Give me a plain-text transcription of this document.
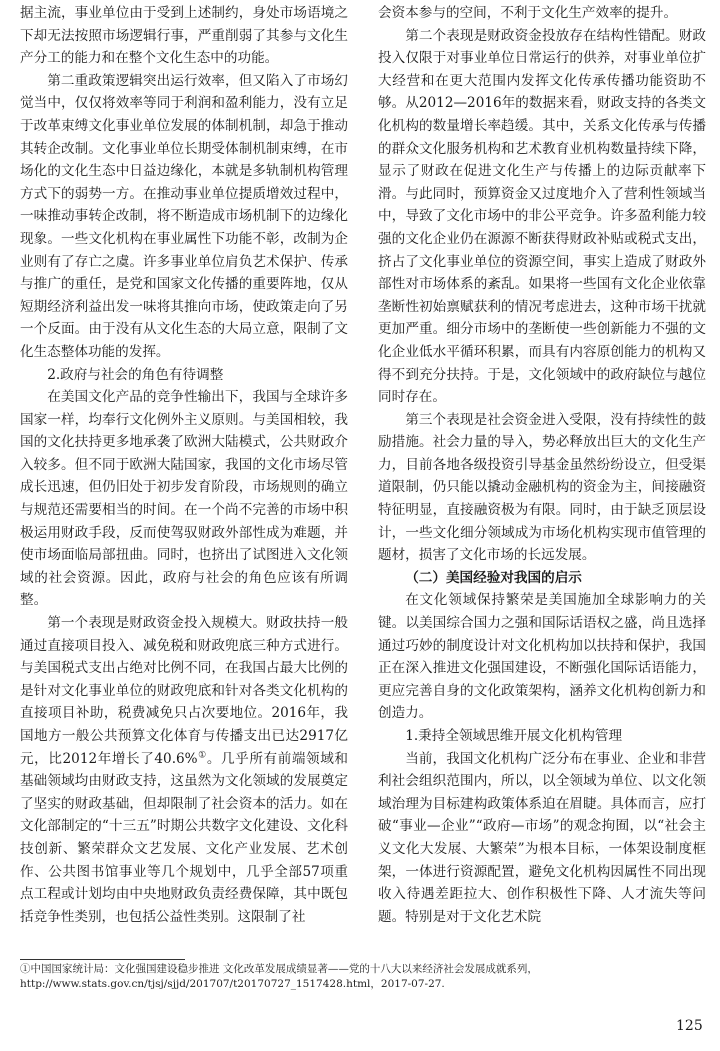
据主流，事业单位由于受到上述制约，身处市场语境之下却无法按照市场逻辑行事，严重削弱了其参与文化生产分工的能力和在整个文化生态中的功能。

第二重政策逻辑突出运行效率，但又陷入了市场幻觉当中，仅仅将效率等同于利润和盈利能力，没有立足于改革束缚文化事业单位发展的体制机制，却急于推动其转企改制。文化事业单位长期受体制机制束缚，在市场化的文化生态中日益边缘化，本就是多轨制机构管理方式下的弱势一方。在推动事业单位提质增效过程中，一味推动事转企改制，将不断造成市场机制下的边缘化现象。一些文化机构在事业属性下功能不彰，改制为企业则有了存亡之虞。许多事业单位肩负艺术保护、传承与推广的重任，是党和国家文化传播的重要阵地，仅从短期经济利益出发一味将其推向市场，使政策走向了另一个反面。由于没有从文化生态的大局立意，限制了文化生态整体功能的发挥。

2.政府与社会的角色有待调整

在美国文化产品的竞争性输出下，我国与全球许多国家一样，均奉行文化例外主义原则。与美国相较，我国的文化扶持更多地承袭了欧洲大陆模式，公共财政介入较多。但不同于欧洲大陆国家，我国的文化市场尽管成长迅速，但仍旧处于初步发育阶段，市场规则的确立与规范还需要相当的时间。在一个尚不完善的市场中积极运用财政手段，反而使驾驭财政外部性成为难题，并使市场面临局部扭曲。同时，也挤出了试图进入文化领域的社会资源。因此，政府与社会的角色应该有所调整。

第一个表现是财政资金投入规模大。财政扶持一般通过直接项目投入、减免税和财政兜底三种方式进行。与美国税式支出占绝对比例不同，在我国占最大比例的是针对文化事业单位的财政兜底和针对各类文化机构的直接项目补助，税费减免只占次要地位。2016年，我国地方一般公共预算文化体育与传播支出已达2917亿元，比2012年增长了40.6%①。几乎所有前端领域和基础领域均由财政支持，这虽然为文化领域的发展奠定了坚实的财政基础，但却限制了社会资本的活力。如在文化部制定的“十三五”时期公共数字文化建设、文化科技创新、繁荣群众文艺发展、文化产业发展、艺术创作、公共图书馆事业等几个规划中，几乎全部57项重点工程或计划均由中央地财政负责经费保障，其中既包括竞争性类别，也包括公益性类别。这限制了社

会资本参与的空间，不利于文化生产效率的提升。

第二个表现是财政资金投放存在结构性错配。财政投入仅限于对事业单位日常运行的供养，对事业单位扩大经营和在更大范围内发挥文化传承传播功能资助不够。从2012—2016年的数据来看，财政支持的各类文化机构的数量增长率趋缓。其中，关系文化传承与传播的群众文化服务机构和艺术教育业机构数量持续下降，显示了财政在促进文化生产与传播上的边际贡献率下滑。与此同时，预算资金又过度地介入了营利性领域当中，导致了文化市场中的非公平竞争。许多盈利能力较强的文化企业仍在源源不断获得财政补贴或税式支出，挤占了文化事业单位的资源空间，事实上造成了财政外部性对市场体系的紊乱。如果将一些国有文化企业依靠垄断性初始禀赋获利的情况考虑进去，这种市场干扰就更加严重。细分市场中的垄断使一些创新能力不强的文化企业低水平循环积累，而具有内容原创能力的机构又得不到充分扶持。于是，文化领域中的政府缺位与越位同时存在。

第三个表现是社会资金进入受限，没有持续性的鼓励措施。社会力量的导入，势必释放出巨大的文化生产力，目前各地各级投资引导基金虽然纷纷设立，但受渠道限制，仍只能以撬动金融机构的资金为主，间接融资特征明显，直接融资极为有限。同时，由于缺乏顶层设计，一些文化细分领域成为市场化机构实现市值管理的题材，损害了文化市场的长远发展。

（二）美国经验对我国的启示

在文化领域保持繁荣是美国施加全球影响力的关键。以美国综合国力之强和国际话语权之盛，尚且选择通过巧妙的制度设计对文化机构加以扶持和保护，我国正在深入推进文化强国建设，不断强化国际话语能力，更应完善自身的文化政策架构，涵养文化机构创新力和创造力。

1.秉持全领域思维开展文化机构管理

当前，我国文化机构广泛分布在事业、企业和非营利社会组织范围内，所以，以全领域为单位、以文化领域治理为目标建构政策体系迫在眉睫。具体而言，应打破“事业—企业”“政府—市场”的观念拘囿，以“社会主义文化大发展、大繁荣”为根本目标，一体架设制度框架，一体进行资源配置，避免文化机构因属性不同出现收入待遇差距拉大、创作积极性下降、人才流失等问题。特别是对于文化艺术院

①中国国家统计局：文化强国建设稳步推进 文化改革发展成绩显著——党的十八大以来经济社会发展成就系列，http://www.stats.gov.cn/tjsj/sjjd/201707/t20170727_1517428.html，2017-07-27.
125
